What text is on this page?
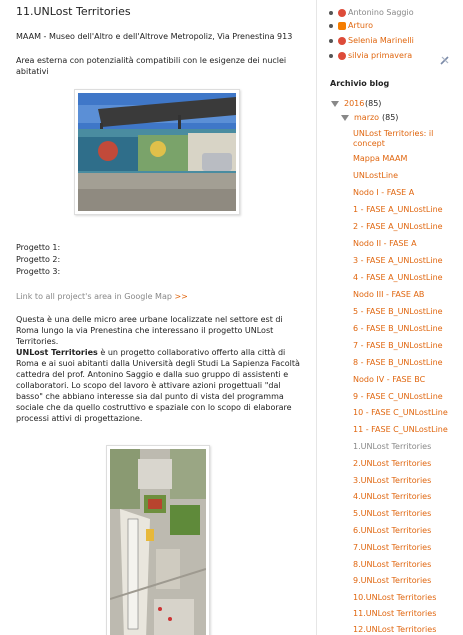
11.UNLost Territories

MAAM - Museo dell'Altro e dell'Altrove Metropoliz, Via Prenestina 913

Area esterna con potenzialità compatibili con le esigenze dei nuclei

abitativi

Progetto 1:

Progetto 2:

Progetto 3:

Link to all project's area in Google Map >>

Questa è una delle micro aree urbane localizzate nel settore est di

Roma lungo la via Prenestina che interessano il progetto UNLost

Territories.

UNLost Territories è un progetto collaborativo offerto alla città di

Roma e ai suoi abitanti dalla Università degli Studi La Sapienza Facoltà

cattedra del prof. Antonino Saggio e dalla suo gruppo di assistenti e

collaboratori. Lo scopo del lavoro è attivare azioni progettuali "dal

basso" che abbiano interesse sia dal punto di vista del programma

sociale che da quello costruttivo e spaziale con lo scopo di elaborare

processi attivi di progettazione.

Antonino Saggio
Arturo
Selenia Marinelli
silvia primavera
Archivio blog
2016 (85)
marzo (85)
UNLost Territories: il
concept
Mappa MAAM
UNLostLine
Nodo I - FASE A
1 - FASE A_UNLostLine
2 - FASE A_UNLostLine
Nodo II - FASE A
3 - FASE A_UNLostLine
4 - FASE A_UNLostLine
Nodo III - FASE AB
5 - FASE B_UNLostLine
6 - FASE B_UNLostLine
7 - FASE B_UNLostLine
8 - FASE B_UNLostLine
Nodo IV - FASE BC
9 - FASE C_UNLostLine
10 - FASE C_UNLostLine
11 - FASE C_UNLostLine
1.UNLost Territories
2.UNLost Territories
3.UNLost Territories
4.UNLost Territories
5.UNLost Territories
6.UNLost Territories
7.UNLost Territories
8.UNLost Territories
9.UNLost Territories
10.UNLost Territories
11.UNLost Territories
12.UNLost Territories
